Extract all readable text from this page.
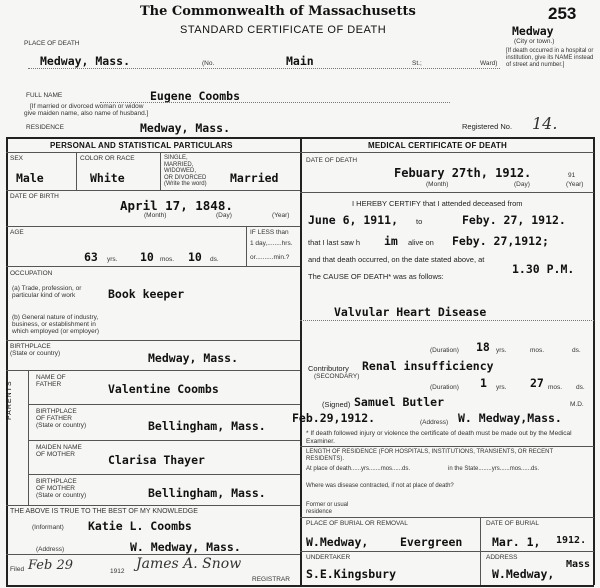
The Commonwealth of Massachusetts
STANDARD CERTIFICATE OF DEATH
253
Medway
(City or town.)
[If death occurred in a hospital or institution, give its NAME instead of street and number.]
PLACE OF DEATH
Medway, Mass.	(No.	Main	St.;	Ward)
FULL NAME	Eugene Coombs
[If married or divorced woman or widow
give maiden name, also name of husband.]
RESIDENCE	Medway, Mass.	Registered No. 14.
PERSONAL AND STATISTICAL PARTICULARS	MEDICAL CERTIFICATE OF DEATH
SEX
Male
COLOR OR RACE
White
SINGLE,
MARRIED,
WIDOWED,
OR DIVORCED
(Write the word) Married
DATE OF BIRTH
April 17, 1848.
(Month)	(Day)	(Year)
AGE
63 yrs. 10 mos. 10 ds.
IF LESS than
1 day,........hrs.
or..........min.?
OCCUPATION
(a) Trade, profession, or
particular kind of work	Book keeper
(b) General nature of industry,
business, or establishment in
which employed (or employer)
BIRTHPLACE
(State or country)	Medway, Mass.
PARENTS
NAME OF
FATHER	Valentine Coombs
BIRTHPLACE
OF FATHER
(State or country)	Bellingham, Mass.
MAIDEN NAME
OF MOTHER	Clarisa Thayer
BIRTHPLACE
OF MOTHER
(State or country)	Bellingham, Mass.
THE ABOVE IS TRUE TO THE BEST OF MY KNOWLEDGE
(Informant) Katie L. Coombs
(Address)	W. Medway, Mass.
Filed Feb 29	1912 James A. Snow
REGISTRAR
DATE OF DEATH
Febuary 27th, 1912.	91
(Month)	(Day)	(Year)
I HEREBY CERTIFY that I attended deceased from
June 6, 1911, to	Feby. 27, 1912.
that I last saw h im alive on Feby. 27,1912;
and that death occurred, on the date stated above, at
1.30 P.M.
The CAUSE OF DEATH* was as follows:
Valvular Heart Disease
(Duration) 18 yrs.	mos.	ds.
Contributory
(SECONDARY)
Renal insufficiency
(Duration) 1 yrs. 27 mos. ds.
(Signed) Samuel Butler	M.D.
Feb.29,1912.	(Address) W. Medway,Mass.
* If death followed injury or violence the certificate of death must be made out by the Medical Examiner.
LENGTH OF RESIDENCE (FOR HOSPITALS, INSTITUTIONS, TRANSIENTS, OR RECENT RESIDENTS).
At place of death......yrs.......mos......ds.	in the State........yrs......mos......ds.
Where was disease contracted, if not at place of death?
Former or usual residence
PLACE OF BURIAL OR REMOVAL
W.Medway,	Evergreen
DATE OF BURIAL
Mar. 1, 1912.
UNDERTAKER
S.E.Kingsbury
ADDRESS
W.Medway,
Mass
